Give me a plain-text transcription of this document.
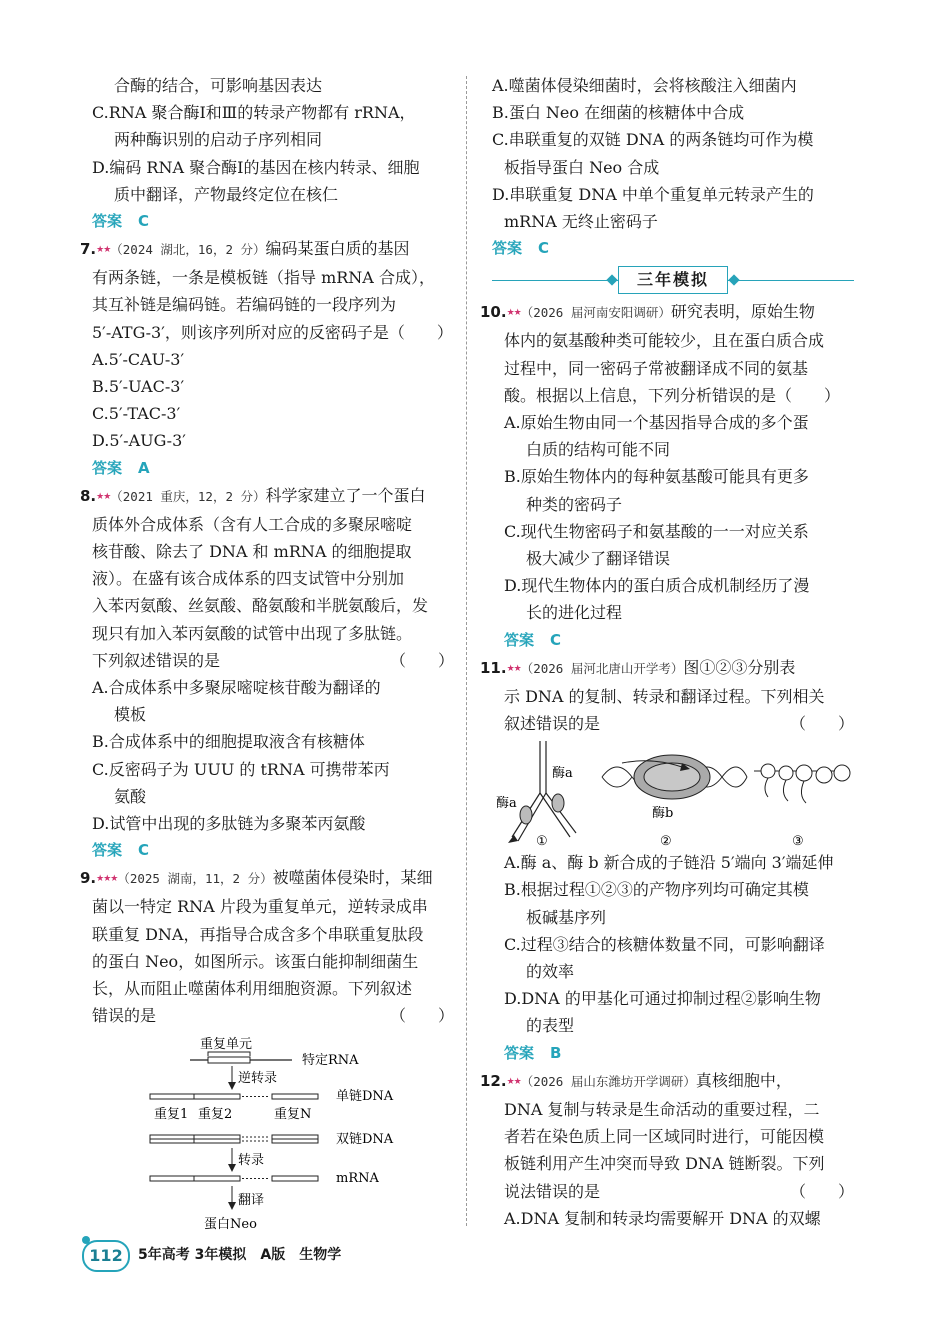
合酶的结合，可影响基因表达
C.RNA 聚合酶Ⅰ和Ⅲ的转录产物都有 rRNA，
两种酶识别的启动子序列相同
D.编码 RNA 聚合酶Ⅰ的基因在核内转录、细胞
质中翻译，产物最终定位在核仁
答案 C
7.★★（2024 湖北，16，2 分）编码某蛋白质的基因
有两条链，一条是模板链（指导 mRNA 合成），
其互补链是编码链。若编码链的一段序列为
5′-ATG-3′，则该序列所对应的反密码子是（　　）
A.5′-CAU-3′
B.5′-UAC-3′
C.5′-TAC-3′
D.5′-AUG-3′
答案 A
8.★★（2021 重庆，12，2 分）科学家建立了一个蛋白
质体外合成体系（含有人工合成的多聚尿嘧啶
核苷酸、除去了 DNA 和 mRNA 的细胞提取
液）。在盛有该合成体系的四支试管中分别加
入苯丙氨酸、丝氨酸、酪氨酸和半胱氨酸后，发
现只有加入苯丙氨酸的试管中出现了多肽链。
下列叙述错误的是	（　　）
A.合成体系中多聚尿嘧啶核苷酸为翻译的
模板
B.合成体系中的细胞提取液含有核糖体
C.反密码子为 UUU 的 tRNA 可携带苯丙
氨酸
D.试管中出现的多肽链为多聚苯丙氨酸
答案 C
9.★★★（2025 湖南，11，2 分）被噬菌体侵染时，某细
菌以一特定 RNA 片段为重复单元，逆转录成串
联重复 DNA，再指导合成含多个串联重复肽段
的蛋白 Neo，如图所示。该蛋白能抑制细菌生
长，从而阻止噬菌体利用细胞资源。下列叙述
错误的是	（　　）
重复单元
特定RNA
逆转录
单链DNA
重复1 重复2	重复N
双链DNA
转录
mRNA
翻译
蛋白Neo
A.噬菌体侵染细菌时，会将核酸注入细菌内
B.蛋白 Neo 在细菌的核糖体中合成
C.串联重复的双链 DNA 的两条链均可作为模
板指导蛋白 Neo 合成
D.串联重复 DNA 中单个重复单元转录产生的
mRNA 无终止密码子
答案 C
三年模拟
10.★★（2026 届河南安阳调研）研究表明，原始生物
体内的氨基酸种类可能较少，且在蛋白质合成
过程中，同一密码子常被翻译成不同的氨基
酸。根据以上信息，下列分析错误的是（　　）
A.原始生物由同一个基因指导合成的多个蛋
白质的结构可能不同
B.原始生物体内的每种氨基酸可能具有更多
种类的密码子
C.现代生物密码子和氨基酸的一一对应关系
极大减少了翻译错误
D.现代生物体内的蛋白质合成机制经历了漫
长的进化过程
答案 C
11.★★（2026 届河北唐山开学考）图①②③分别表
示 DNA 的复制、转录和翻译过程。下列相关
叙述错误的是	（　　）
酶a
酶a
①
酶b
②	③
A.酶 a、酶 b 新合成的子链沿 5′端向 3′端延伸
B.根据过程①②③的产物序列均可确定其模
板碱基序列
C.过程③结合的核糖体数量不同，可影响翻译
的效率
D.DNA 的甲基化可通过抑制过程②影响生物
的表型
答案 B
12.★★（2026 届山东潍坊开学调研）真核细胞中，
DNA 复制与转录是生命活动的重要过程，二
者若在染色质上同一区域同时进行，可能因模
板链利用产生冲突而导致 DNA 链断裂。下列
说法错误的是	（　　）
A.DNA 复制和转录均需要解开 DNA 的双螺
112	5年高考 3年模拟 A版 生物学
